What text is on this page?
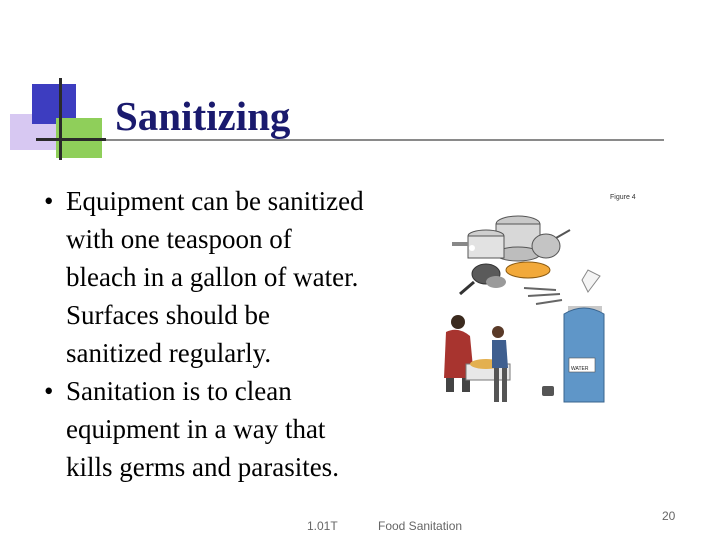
Sanitizing
• Equipment can be sanitized
with one teaspoon of
bleach in a gallon of water.
Surfaces should be
sanitized regularly.
• Sanitation is to clean
equipment in a way that
kills germs and parasites.
Figure 4
WATER
1.01T	Food Sanitation
20
